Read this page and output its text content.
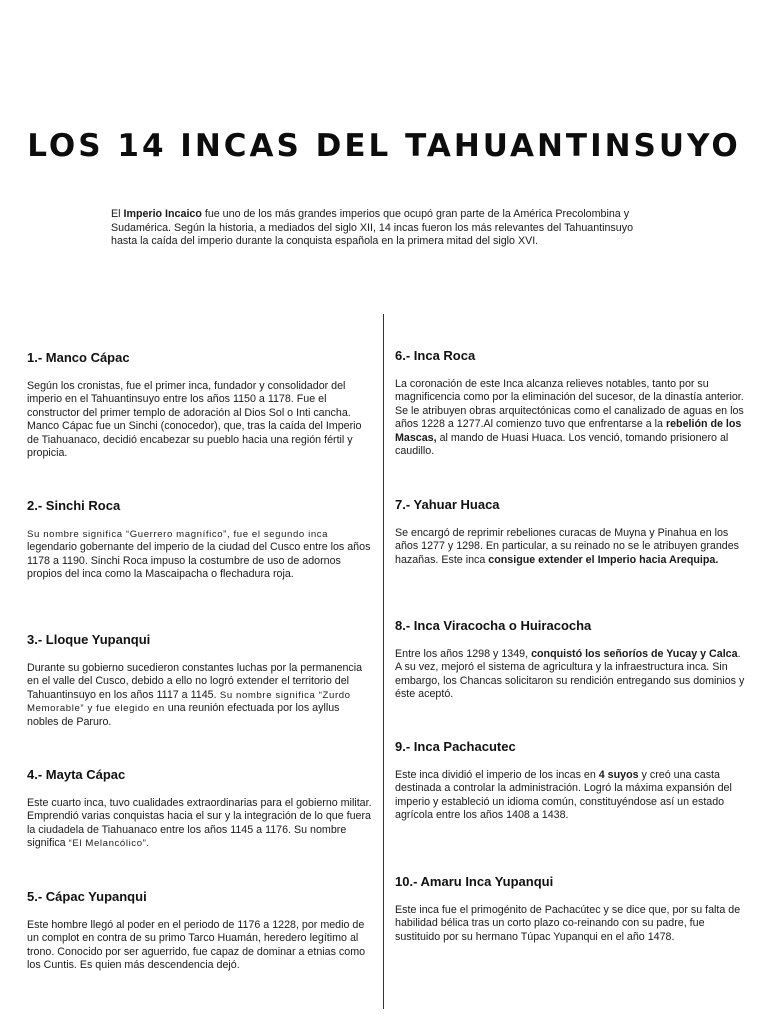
LOS 14 INCAS DEL TAHUANTINSUYO

El Imperio Incaico fue uno de los más grandes imperios que ocupó gran parte de la América Precolombina y Sudamérica. Según la historia, a mediados del siglo XII, 14 incas fueron los más relevantes del Tahuantinsuyo hasta la caída del imperio durante la conquista española en la primera mitad del siglo XVI.

1.- Manco Cápac

Según los cronistas, fue el primer inca, fundador y consolidador del imperio en el Tahuantinsuyo entre los años 1150 a 1178. Fue el constructor del primer templo de adoración al Dios Sol o Inti cancha. Manco Cápac fue un Sinchi (conocedor), que, tras la caída del Imperio de Tiahuanaco, decidió encabezar su pueblo hacia una región fértil y propicia.

2.- Sinchi Roca

Su nombre significa “Guerrero magnífico”, fue el segundo inca legendario gobernante del imperio de la ciudad del Cusco entre los años 1178 a 1190. Sinchi Roca impuso la costumbre de uso de adornos propios del inca como la Mascaipacha o flechadura roja.

3.- Lloque Yupanqui

Durante su gobierno sucedieron constantes luchas por la permanencia en el valle del Cusco, debido a ello no logró extender el territorio del Tahuantinsuyo en los años 1117 a 1145. Su nombre significa “Zurdo Memorable” y fue elegido en una reunión efectuada por los ayllus nobles de Paruro.

4.- Mayta Cápac

Este cuarto inca, tuvo cualidades extraordinarias para el gobierno militar. Emprendió varias conquistas hacia el sur y la integración de lo que fuera la ciudadela de Tiahuanaco entre los años 1145 a 1176. Su nombre significa “El Melancólico”.

5.- Cápac Yupanqui

Este hombre llegó al poder en el periodo de 1176 a 1228, por medio de un complot en contra de su primo Tarco Huamán, heredero legítimo al trono. Conocido por ser aguerrido, fue capaz de dominar a etnias como los Cuntis. Es quien más descendencia dejó.

6.- Inca Roca

La coronación de este Inca alcanza relieves notables, tanto por su magnificencia como por la eliminación del sucesor, de la dinastía anterior. Se le atribuyen obras arquitectónicas como el canalizado de aguas en los años 1228 a 1277.Al comienzo tuvo que enfrentarse a la rebelión de los Mascas, al mando de Huasi Huaca. Los venció, tomando prisionero al caudillo.

7.- Yahuar Huaca

Se encargó de reprimir rebeliones curacas de Muyna y Pinahua en los años 1277 y 1298. En particular, a su reinado no se le atribuyen grandes hazañas. Este inca consigue extender el Imperio hacia Arequipa.

8.- Inca Viracocha o Huiracocha

Entre los años 1298 y 1349, conquistó los señoríos de Yucay y Calca. A su vez, mejoró el sistema de agricultura y la infraestructura inca. Sin embargo, los Chancas solicitaron su rendición entregando sus dominios y éste aceptó.

9.- Inca Pachacutec

Este inca dividió el imperio de los incas en 4 suyos y creó una casta destinada a controlar la administración. Logró la máxima expansión del imperio y estableció un idioma común, constituyéndose así un estado agrícola entre los años 1408 a 1438.

10.- Amaru Inca Yupanqui

Este inca fue el primogénito de Pachacútec y se dice que, por su falta de habilidad bélica tras un corto plazo co-reinando con su padre, fue sustituido por su hermano Túpac Yupanqui en el año 1478.
